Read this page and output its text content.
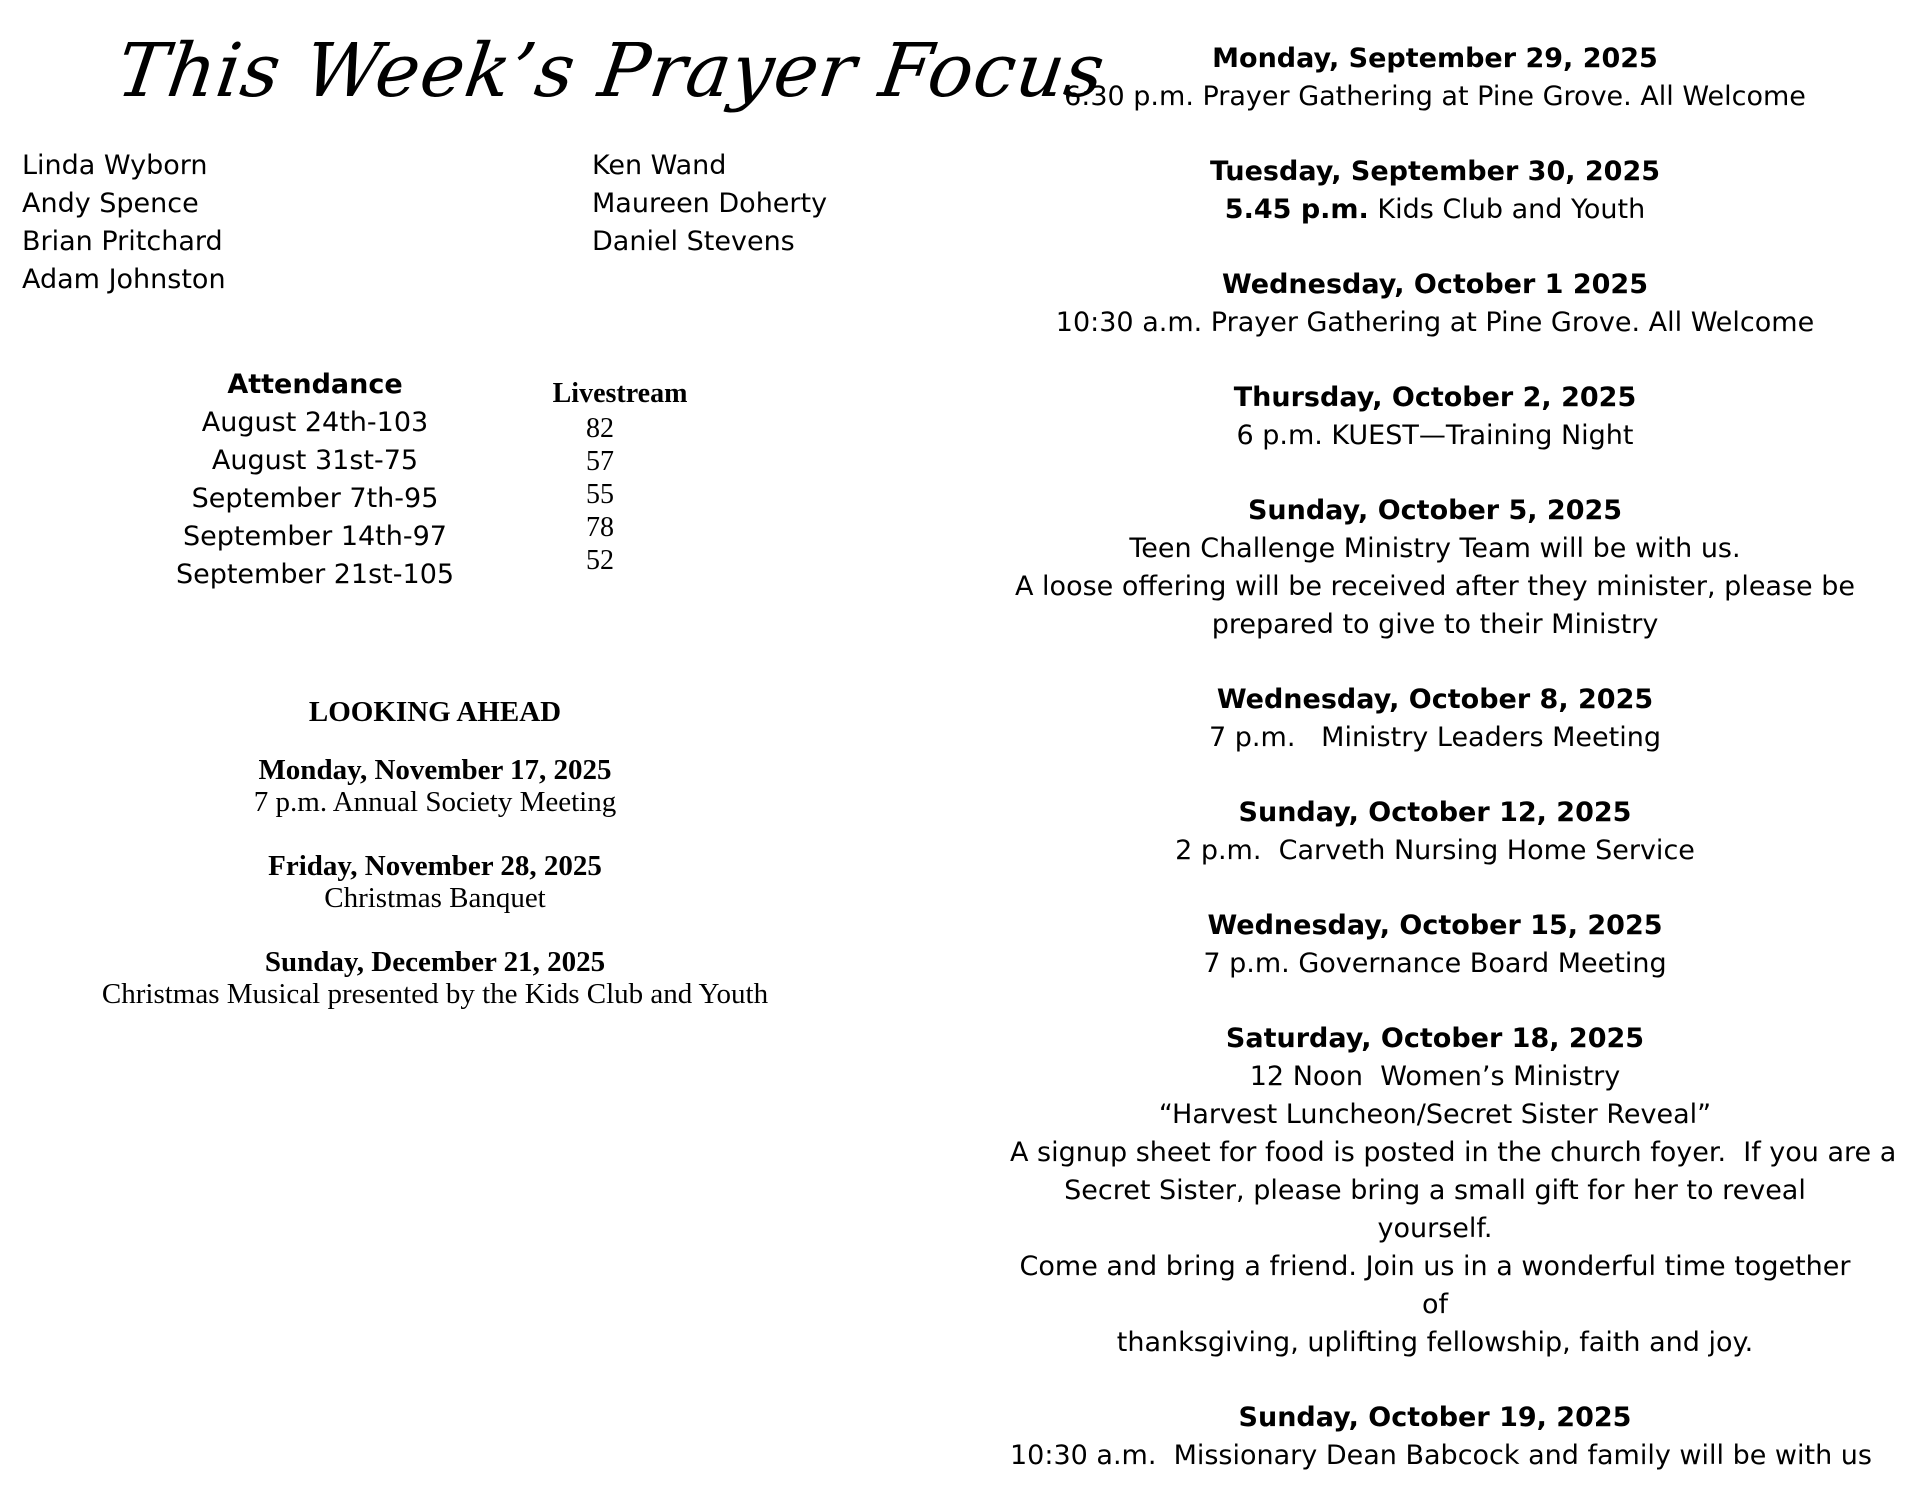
This Week’s Prayer Focus
Linda Wyborn
Andy Spence
Brian Pritchard
Adam Johnston
Ken Wand
Maureen Doherty
Daniel Stevens
Attendance
August 24th-103
August 31st-75
September 7th-95
September 14th-97
September 21st-105
Livestream
82
57
55
78
52
LOOKING AHEAD
Monday, November 17, 2025
7 p.m. Annual Society Meeting
Friday, November 28, 2025
Christmas Banquet
Sunday, December 21, 2025
Christmas Musical presented by the Kids Club and Youth
Monday, September 29, 2025
6:30 p.m. Prayer Gathering at Pine Grove. All Welcome
Tuesday, September 30, 2025
5.45 p.m. Kids Club and Youth
Wednesday, October 1 2025
10:30 a.m. Prayer Gathering at Pine Grove. All Welcome
Thursday, October 2, 2025
6 p.m. KUEST—Training Night
Sunday, October 5, 2025
Teen Challenge Ministry Team will be with us.
A loose offering will be received after they minister, please be
prepared to give to their Ministry
Wednesday, October 8, 2025
7 p.m.   Ministry Leaders Meeting
Sunday, October 12, 2025
2 p.m.  Carveth Nursing Home Service
Wednesday, October 15, 2025
7 p.m. Governance Board Meeting
Saturday, October 18, 2025
12 Noon  Women’s Ministry
“Harvest Luncheon/Secret Sister Reveal”
A signup sheet for food is posted in the church foyer.  If you are a
Secret Sister, please bring a small gift for her to reveal yourself.
Come and bring a friend. Join us in a wonderful time together of
thanksgiving, uplifting fellowship, faith and joy.
Sunday, October 19, 2025
10:30 a.m.  Missionary Dean Babcock and family will be with us
